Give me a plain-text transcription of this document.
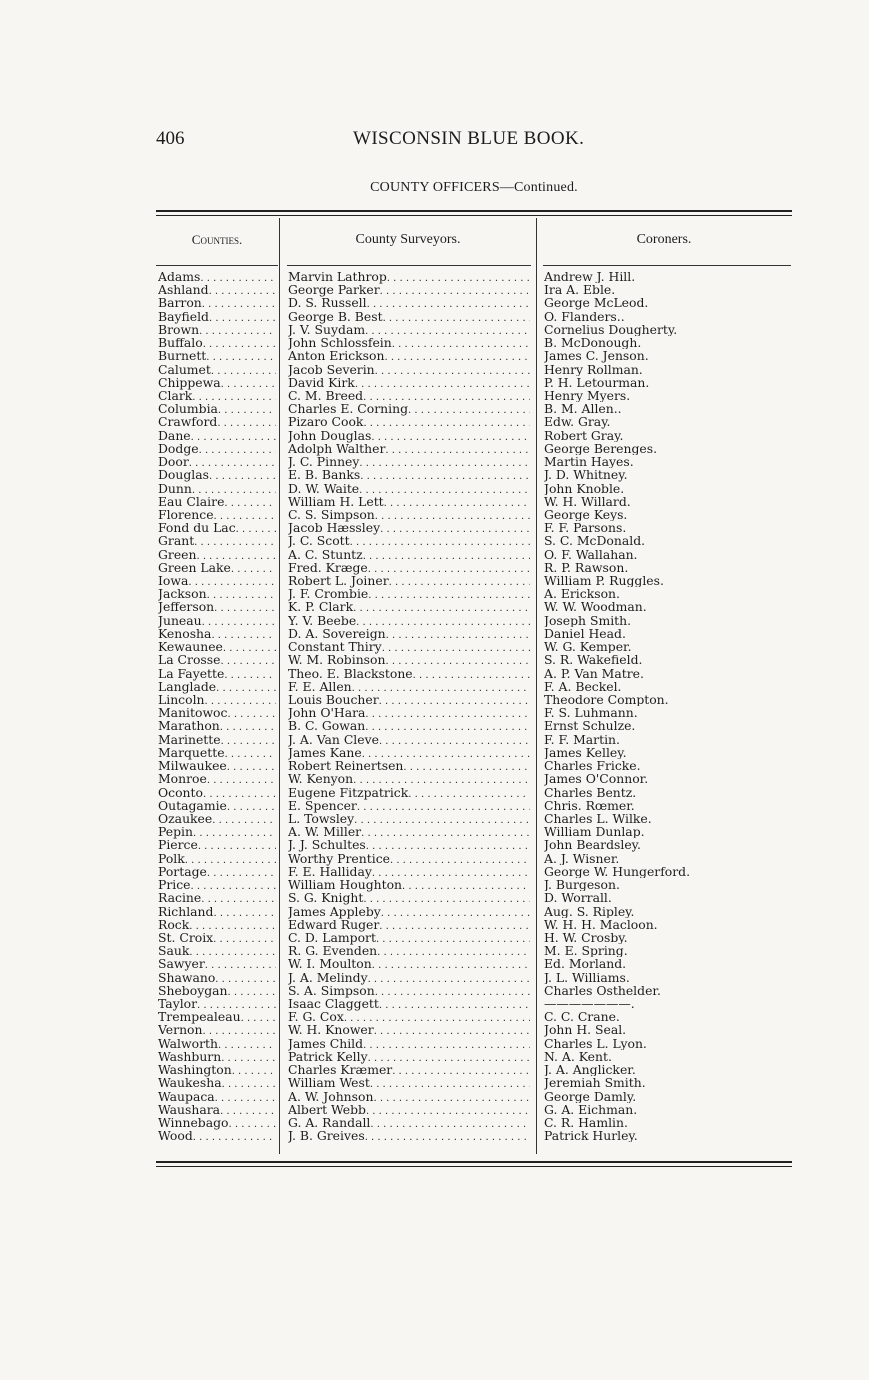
406	WISCONSIN BLUE BOOK.
COUNTY OFFICERS—Continued.
Counties.	County Surveyors.	Coroners.
Adams . . .	Marvin Lathrop . . .	Andrew J. Hill.
Ashland . . .	George Parker . . .	Ira A. Eble.
Barron . . .	D. S. Russell . . .	George McLeod.
Bayfield . . .	George B. Best . . .	O. Flanders..
Brown . . .	J. V. Suydam . . .	Cornelius Dougherty.
Buffalo . . .	John Schlossfein . . .	B. McDonough.
Burnett . . .	Anton Erickson . . .	James C. Jenson.
Calumet . . .	Jacob Severin . . .	Henry Rollman.
Chippewa . . .	David Kirk . . .	P. H. Letourman.
Clark . . .	C. M. Breed . . .	Henry Myers.
Columbia . . .	Charles E. Corning . . .	B. M. Allen..
Crawford . . .	Pizaro Cook . . .	Edw. Gray.
Dane . . .	John Douglas . . .	Robert Gray.
Dodge . . .	Adolph Walther . . .	George Berenges.
Door . . .	J. C. Pinney . . .	Martin Hayes.
Douglas . . .	E. B. Banks . . .	J. D. Whitney.
Dunn . . .	D. W. Waite . . .	John Knoble.
Eau Claire . . .	William H. Lett . . .	W. H. Willard.
Florence . . .	C. S. Simpson . . .	George Keys.
Fond du Lac . . .	Jacob Hæssley . . .	F. F. Parsons.
Grant . . .	J. C. Scott . . .	S. C. McDonald.
Green . . .	A. C. Stuntz . . .	O. F. Wallahan.
Green Lake . . .	Fred. Kræge . . .	R. P. Rawson.
Iowa . . .	Robert L. Joiner . . .	William P. Ruggles.
Jackson . . .	J. F. Crombie . . .	A. Erickson.
Jefferson . . .	K. P. Clark . . .	W. W. Woodman.
Juneau . . .	Y. V. Beebe . . .	Joseph Smith.
Kenosha . . .	D. A. Sovereign . . .	Daniel Head.
Kewaunee . . .	Constant Thiry . . .	W. G. Kemper.
La Crosse . . .	W. M. Robinson . . .	S. R. Wakefield.
La Fayette . . .	Theo. E. Blackstone . . .	A. P. Van Matre.
Langlade . . .	F. E. Allen . . .	F. A. Beckel.
Lincoln . . .	Louis Boucher . . .	Theodore Compton.
Manitowoc . . .	John O'Hara . . .	F. S. Luhmann.
Marathon . . .	B. C. Gowan . . .	Ernst Schulze.
Marinette . . .	J. A. Van Cleve . . .	F. F. Martin.
Marquette . . .	James Kane . . .	James Kelley.
Milwaukee . . .	Robert Reinertsen . . .	Charles Fricke.
Monroe . . .	W. Kenyon . . .	James O'Connor.
Oconto . . .	Eugene Fitzpatrick . . .	Charles Bentz.
Outagamie . . .	E. Spencer . . .	Chris. Rœmer.
Ozaukee . . .	L. Towsley . . .	Charles L. Wilke.
Pepin . . .	A. W. Miller . . .	William Dunlap.
Pierce . . .	J. J. Schultes . . .	John Beardsley.
Polk . . .	Worthy Prentice . . .	A. J. Wisner.
Portage . . .	F. E. Halliday . . .	George W. Hungerford.
Price . . .	William Houghton . . .	J. Burgeson.
Racine . . .	S. G. Knight . . .	D. Worrall.
Richland . . .	James Appleby . . .	Aug. S. Ripley.
Rock . . .	Edward Ruger . . .	W. H. H. Macloon.
St. Croix . . .	C. D. Lamport . . .	H. W. Crosby.
Sauk . . .	R. G. Evenden . . .	M. E. Spring.
Sawyer . . .	W. I. Moulton . . .	Ed. Morland.
Shawano . . .	J. A. Melindy . . .	J. L. Williams.
Sheboygan . . .	S. A. Simpson . . .	Charles Osthelder.
Taylor . . .	Isaac Claggett . . .	———————.
Trempealeau . . .	F. G. Cox . . .	C. C. Crane.
Vernon . . .	W. H. Knower . . .	John H. Seal.
Walworth . . .	James Child . . .	Charles L. Lyon.
Washburn . . .	Patrick Kelly . . .	N. A. Kent.
Washington . . .	Charles Kræmer . . .	J. A. Anglicker.
Waukesha . . .	William West . . .	Jeremiah Smith.
Waupaca . . .	A. W. Johnson . . .	George Damly.
Waushara . . .	Albert Webb . . .	G. A. Eichman.
Winnebago . . .	G. A. Randall . . .	C. R. Hamlin.
Wood . . .	J. B. Greives . . .	Patrick Hurley.
